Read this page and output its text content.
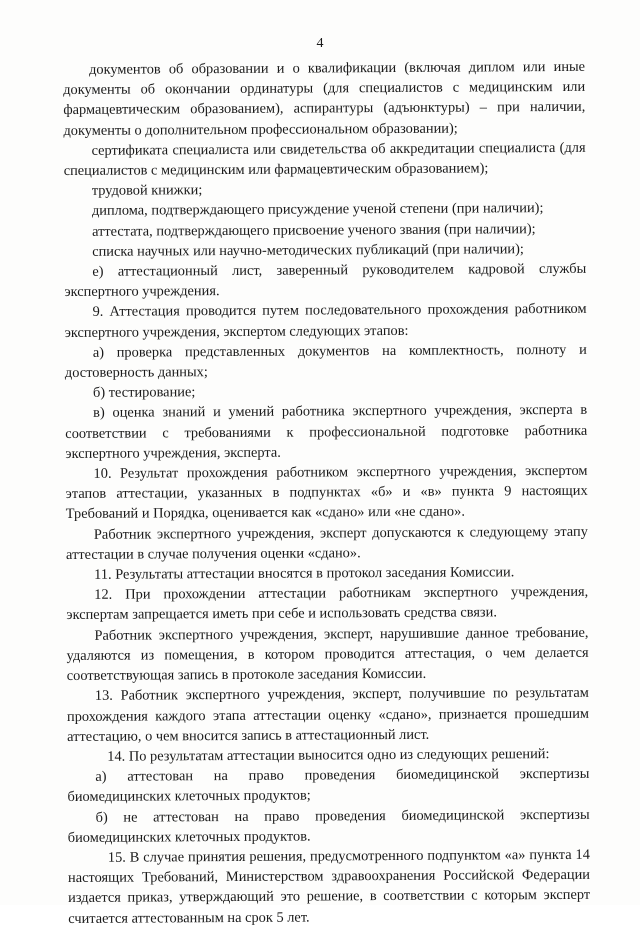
4

документов об образовании и о квалификации (включая диплом или иные документы об окончании ординатуры (для специалистов с медицинским или фармацевтическим образованием), аспирантуры (адъюнктуры) – при наличии, документы о дополнительном профессиональном образовании);

сертификата специалиста или свидетельства об аккредитации специалиста (для специалистов с медицинским или фармацевтическим образованием);

трудовой книжки;

диплома, подтверждающего присуждение ученой степени (при наличии);

аттестата, подтверждающего присвоение ученого звания (при наличии);

списка научных или научно-методических публикаций (при наличии);

е) аттестационный лист, заверенный руководителем кадровой службы экспертного учреждения.

9. Аттестация проводится путем последовательного прохождения работником экспертного учреждения, экспертом следующих этапов:

а) проверка представленных документов на комплектность, полноту и достоверность данных;

б) тестирование;

в) оценка знаний и умений работника экспертного учреждения, эксперта в соответствии с требованиями к профессиональной подготовке работника экспертного учреждения, эксперта.

10. Результат прохождения работником экспертного учреждения, экспертом этапов аттестации, указанных в подпунктах «б» и «в» пункта 9 настоящих Требований и Порядка, оценивается как «сдано» или «не сдано».

Работник экспертного учреждения, эксперт допускаются к следующему этапу аттестации в случае получения оценки «сдано».

11. Результаты аттестации вносятся в протокол заседания Комиссии.

12. При прохождении аттестации работникам экспертного учреждения, экспертам запрещается иметь при себе и использовать средства связи.

Работник экспертного учреждения, эксперт, нарушившие данное требование, удаляются из помещения, в котором проводится аттестация, о чем делается соответствующая запись в протоколе заседания Комиссии.

13. Работник экспертного учреждения, эксперт, получившие по результатам прохождения каждого этапа аттестации оценку «сдано», признается прошедшим аттестацию, о чем вносится запись в аттестационный лист.

14. По результатам аттестации выносится одно из следующих решений:

а) аттестован на право проведения биомедицинской экспертизы биомедицинских клеточных продуктов;

б) не аттестован на право проведения биомедицинской экспертизы биомедицинских клеточных продуктов.

15. В случае принятия решения, предусмотренного подпунктом «а» пункта 14 настоящих Требований, Министерством здравоохранения Российской Федерации издается приказ, утверждающий это решение, в соответствии с которым эксперт считается аттестованным на срок 5 лет.
